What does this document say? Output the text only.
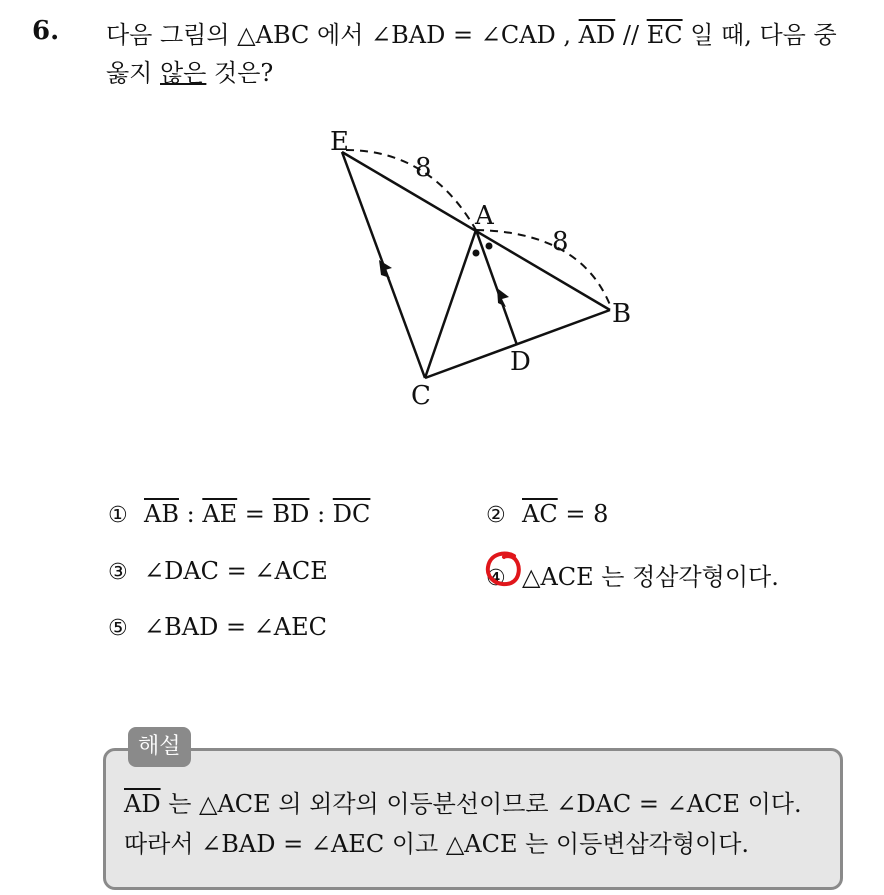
6. 다음 그림의 △ABC 에서 ∠BAD = ∠CAD , $\overline{AD} // \overline{EC}$ 일 때, 다음 중 옳지 않은 것은?
E
A
B
C
D
8
8
① $\overline{AB}$ : $\overline{AE} = \overline{BD}$ : $\overline{DC}$	② $\overline{AC} = 8$
③ ∠DAC = ∠ACE	④ △ACE 는 정삼각형이다.
⑤ ∠BAD = ∠AEC
해설
$\overline{AD}$ 는 △ACE 의 외각의 이등분선이므로 ∠DAC = ∠ACE 이다.
따라서 ∠BAD = ∠AEC 이고 △ACE 는 이등변삼각형이다.
